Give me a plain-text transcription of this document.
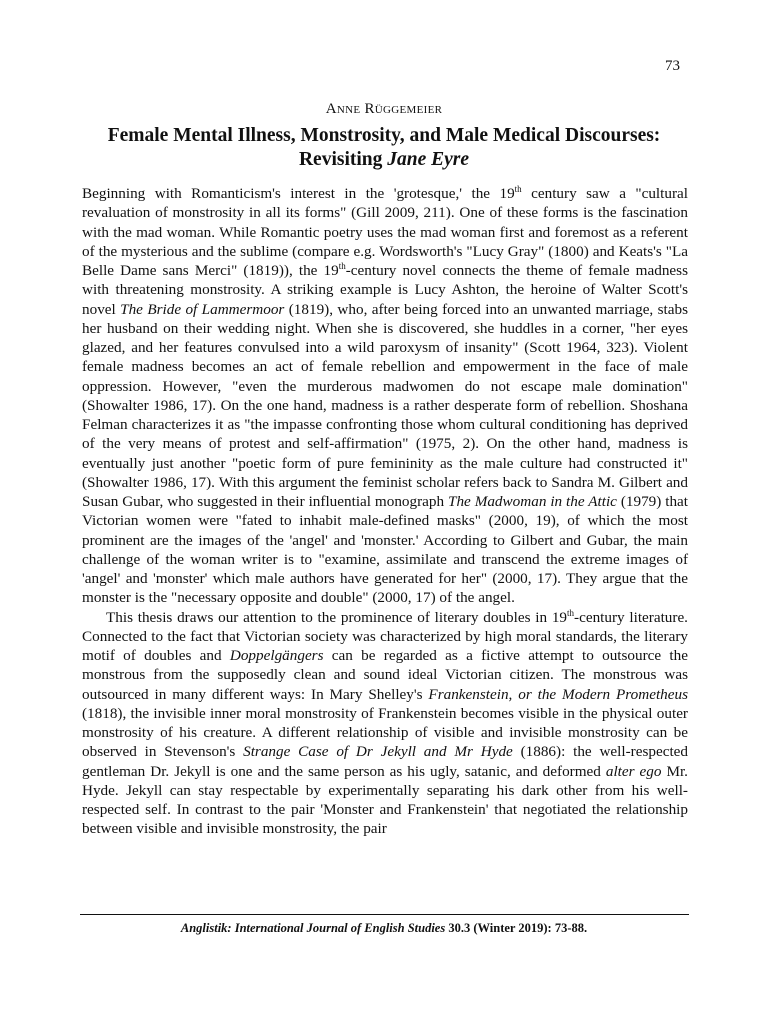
73
Anne Rüggemeier
Female Mental Illness, Monstrosity, and Male Medical Discourses:
Revisiting Jane Eyre

Beginning with Romanticism's interest in the 'grotesque,' the 19th century saw a "cultural revaluation of monstrosity in all its forms" (Gill 2009, 211). One of these forms is the fascination with the mad woman. While Romantic poetry uses the mad woman first and foremost as a referent of the mysterious and the sublime (compare e.g. Wordsworth's "Lucy Gray" (1800) and Keats's "La Belle Dame sans Merci" (1819)), the 19th-century novel connects the theme of female madness with threatening monstrosity. A striking example is Lucy Ashton, the heroine of Walter Scott's novel The Bride of Lammermoor (1819), who, after being forced into an unwanted marriage, stabs her husband on their wedding night. When she is discovered, she huddles in a corner, "her eyes glazed, and her features convulsed into a wild paroxysm of insanity" (Scott 1964, 323). Violent female madness becomes an act of female rebellion and empowerment in the face of male oppression. However, "even the murderous madwomen do not escape male domination" (Showalter 1986, 17). On the one hand, madness is a rather desperate form of rebellion. Shoshana Felman characterizes it as "the impasse confronting those whom cultural conditioning has deprived of the very means of protest and self-affirmation" (1975, 2). On the other hand, madness is eventually just another "poetic form of pure femininity as the male culture had constructed it" (Showalter 1986, 17). With this argument the feminist scholar refers back to Sandra M. Gilbert and Susan Gubar, who suggested in their influential monograph The Madwoman in the Attic (1979) that Victorian women were "fated to inhabit male-defined masks" (2000, 19), of which the most prominent are the images of the 'angel' and 'monster.' According to Gilbert and Gubar, the main challenge of the woman writer is to "examine, assimilate and transcend the extreme images of 'angel' and 'monster' which male authors have generated for her" (2000, 17). They argue that the monster is the "necessary opposite and double" (2000, 17) of the angel.

This thesis draws our attention to the prominence of literary doubles in 19th-century literature. Connected to the fact that Victorian society was characterized by high moral standards, the literary motif of doubles and Doppelgängers can be regarded as a fictive attempt to outsource the monstrous from the supposedly clean and sound ideal Victorian citizen. The monstrous was outsourced in many different ways: In Mary Shelley's Frankenstein, or the Modern Prometheus (1818), the invisible inner moral monstrosity of Frankenstein becomes visible in the physical outer monstrosity of his creature. A different relationship of visible and invisible monstrosity can be observed in Stevenson's Strange Case of Dr Jekyll and Mr Hyde (1886): the well-respected gentleman Dr. Jekyll is one and the same person as his ugly, satanic, and deformed alter ego Mr. Hyde. Jekyll can stay respectable by experimentally separating his dark other from his well-respected self. In contrast to the pair 'Monster and Frankenstein' that negotiated the relationship between visible and invisible monstrosity, the pair

Anglistik: International Journal of English Studies 30.3 (Winter 2019): 73-88.
